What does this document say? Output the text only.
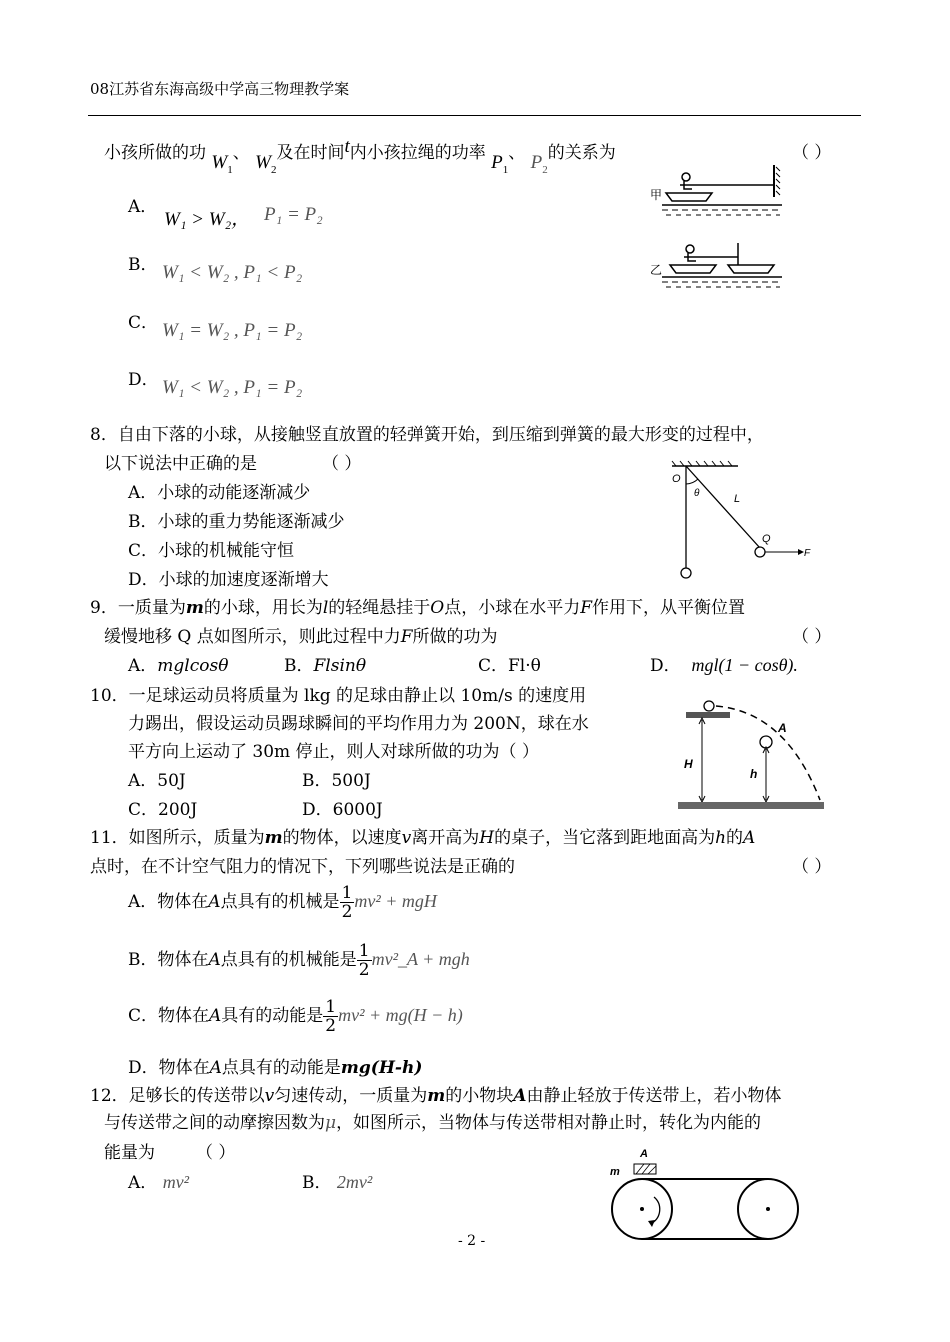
08江苏省东海高级中学高三物理教学案
小孩所做的功 $W_1$、 $W_2$及在时间t内小孩拉绳的功率 $P_1$、 $P_2$的关系为	（ ）
A．
W₁ > W₂， P₁ = P₂
B． W₁ < W₂ , P₁ < P₂
C． W₁ = W₂ , P₁ = P₂
D． W₁ < W₂ , P₁ = P₂
甲
乙
8．自由下落的小球，从接触竖直放置的轻弹簧开始，到压缩到弹簧的最大形变的过程中，
以下说法中正确的是	（ ）
A．小球的动能逐渐减少
B．小球的重力势能逐渐减少
C．小球的机械能守恒
D．小球的加速度逐渐增大
O
θ	L
Q
F
9．一质量为m的小球，用长为l的轻绳悬挂于O点，小球在水平力F作用下，从平衡位置
缓慢地移 Q 点如图所示，则此过程中力F所做的功为	（ ）
A．mglcosθ	B．Flsinθ	C．Fl·θ	D． mgl(1 − cosθ).
10．一足球运动员将质量为 lkg 的足球由静止以 10m/s 的速度用
力踢出，假设运动员踢球瞬间的平均作用力为 200N，球在水
平方向上运动了 30m 停止，则人对球所做的功为（ ）
A．50J	B．500J
C．200J	D．6000J
H
A
h
11．如图所示，质量为m的物体，以速度v离开高为H的桌子，当它落到距地面高为h的A
点时，在不计空气阻力的情况下，下列哪些说法是正确的	（ ）
A．物体在A点具有的机械是 $\frac{1}{2} mv^2$ + mgH
B．物体在A点具有的机械能是 $\frac{1}{2}$ mv²_A + mgh
C．物体在A具有的动能是 $\frac{1}{2} mv^2 + mg(H - h)$
D．物体在A点具有的动能是mg(H-h)
12．足够长的传送带以v匀速传动，一质量为m的小物块A由静止轻放于传送带上，若小物体
与传送带之间的动摩擦因数为μ，如图所示，当物体与传送带相对静止时，转化为内能的
能量为 （ ）
A． mv²	B． 2mv²	m
A
- 2 -
